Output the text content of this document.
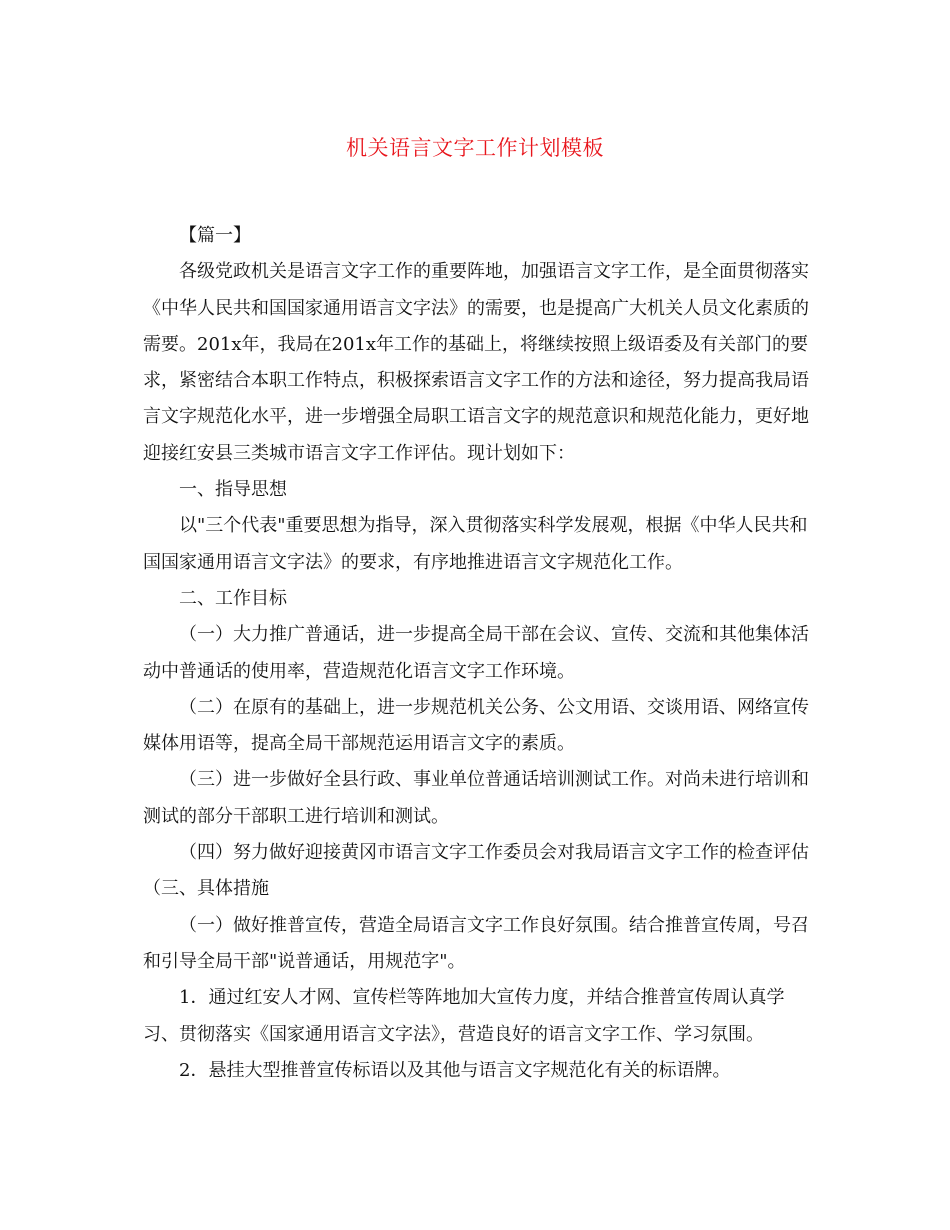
机关语言文字工作计划模板

【篇一】

各级党政机关是语言文字工作的重要阵地，加强语言文字工作，是全面贯彻落实《中华人民共和国国家通用语言文字法》的需要，也是提高广大机关人员文化素质的需要。201x年，我局在201x年工作的基础上，将继续按照上级语委及有关部门的要求，紧密结合本职工作特点，积极探索语言文字工作的方法和途径，努力提高我局语言文字规范化水平，进一步增强全局职工语言文字的规范意识和规范化能力，更好地迎接红安县三类城市语言文字工作评估。现计划如下：

一、指导思想

以"三个代表"重要思想为指导，深入贯彻落实科学发展观，根据《中华人民共和国国家通用语言文字法》的要求，有序地推进语言文字规范化工作。

二、工作目标

（一）大力推广普通话，进一步提高全局干部在会议、宣传、交流和其他集体活动中普通话的使用率，营造规范化语言文字工作环境。

（二）在原有的基础上，进一步规范机关公务、公文用语、交谈用语、网络宣传媒体用语等，提高全局干部规范运用语言文字的素质。

（三）进一步做好全县行政、事业单位普通话培训测试工作。对尚未进行培训和测试的部分干部职工进行培训和测试。

（四）努力做好迎接黄冈市语言文字工作委员会对我局语言文字工作的检查评估（三、具体措施

（一）做好推普宣传，营造全局语言文字工作良好氛围。结合推普宣传周，号召和引导全局干部"说普通话，用规范字"。

1．通过红安人才网、宣传栏等阵地加大宣传力度，并结合推普宣传周认真学习、贯彻落实《国家通用语言文字法》，营造良好的语言文字工作、学习氛围。

2．悬挂大型推普宣传标语以及其他与语言文字规范化有关的标语牌。
